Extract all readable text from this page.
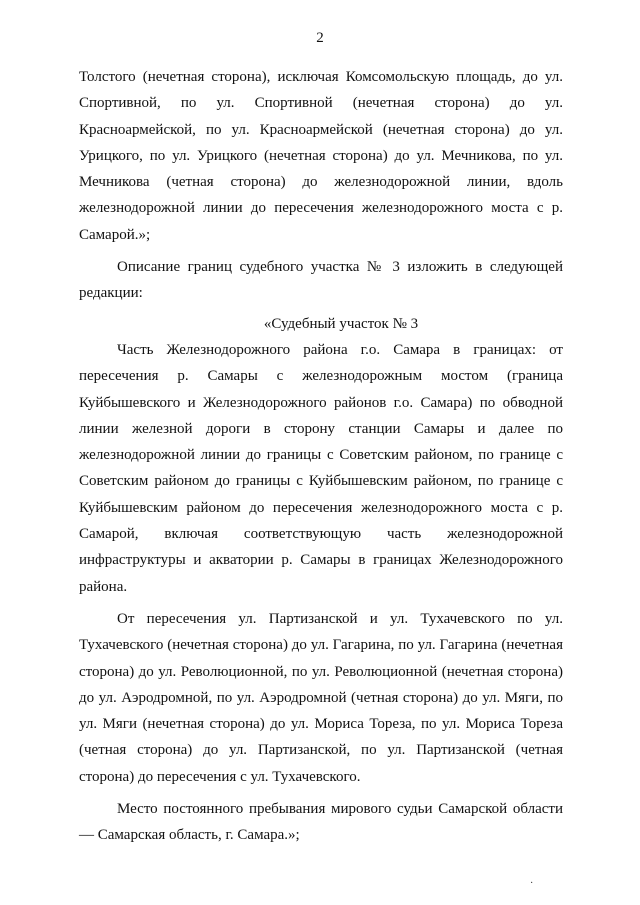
2

Толстого (нечетная сторона), исключая Комсомольскую площадь, до ул. Спортивной, по ул. Спортивной (нечетная сторона) до ул. Красноармейской, по ул. Красноармейской (нечетная сторона) до ул. Урицкого, по ул. Урицкого (нечетная сторона) до ул. Мечникова, по ул. Мечникова (четная сторона) до железнодорожной линии, вдоль железнодорожной линии до пересечения железнодорожного моста с р. Самарой.»;

Описание границ судебного участка № 3 изложить в следующей редакции:

«Судебный участок № 3

Часть Железнодорожного района г.о. Самара в границах: от пересечения р. Самары с железнодорожным мостом (граница Куйбышевского и Железнодорожного районов г.о. Самара) по обводной линии железной дороги в сторону станции Самары и далее по железнодорожной линии до границы с Советским районом, по границе с Советским районом до границы с Куйбышевским районом, по границе с Куйбышевским районом до пересечения железнодорожного моста с р. Самарой, включая соответствующую часть железнодорожной инфраструктуры и акватории р. Самары в границах Железнодорожного района.

От пересечения ул. Партизанской и ул. Тухачевского по ул. Тухачевского (нечетная сторона) до ул. Гагарина, по ул. Гагарина (нечетная сторона) до ул. Революционной, по ул. Революционной (нечетная сторона) до ул. Аэродромной, по ул. Аэродромной (четная сторона) до ул. Мяги, по ул. Мяги (нечетная сторона) до ул. Мориса Тореза, по ул. Мориса Тореза (четная сторона) до ул. Партизанской, по ул. Партизанской (четная сторона) до пересечения с ул. Тухачевского.

Место постоянного пребывания мирового судьи Самарской области — Самарская область, г. Самара.»;

·
